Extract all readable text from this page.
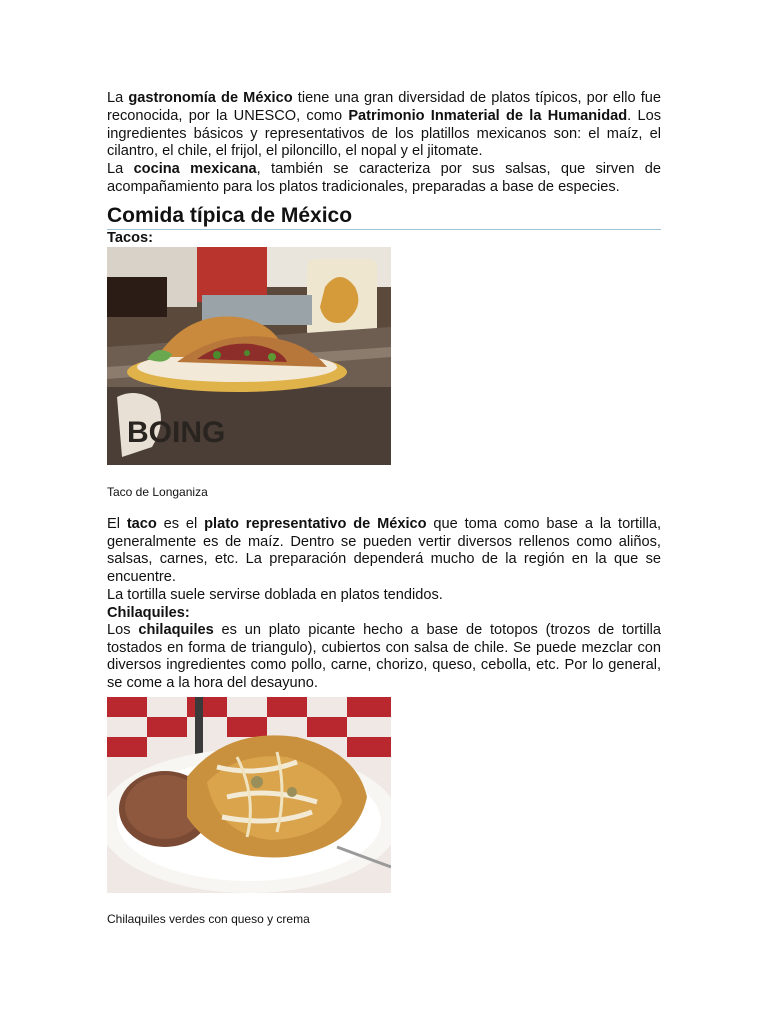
La gastronomía de México tiene una gran diversidad de platos típicos, por ello fue reconocida, por la UNESCO, como Patrimonio Inmaterial de la Humanidad. Los ingredientes básicos y representativos de los platillos mexicanos son: el maíz, el cilantro, el chile, el frijol, el piloncillo, el nopal y el jitomate.

La cocina mexicana, también se caracteriza por sus salsas, que sirven de acompañamiento para los platos tradicionales, preparadas a base de especies.

Comida típica de México
Tacos:
BOING

Taco de Longaniza

El taco es el plato representativo de México que toma como base a la tortilla, generalmente es de maíz. Dentro se pueden vertir diversos rellenos como aliños, salsas, carnes, etc. La preparación dependerá mucho de la región en la que se encuentre.

La tortilla suele servirse doblada en platos tendidos.

Chilaquiles:

Los chilaquiles es un plato picante hecho a base de totopos (trozos de tortilla tostados en forma de triangulo), cubiertos con salsa de chile. Se puede mezclar con diversos ingredientes como pollo, carne, chorizo, queso, cebolla, etc. Por lo general, se come a la hora del desayuno.

Chilaquiles verdes con queso y crema
